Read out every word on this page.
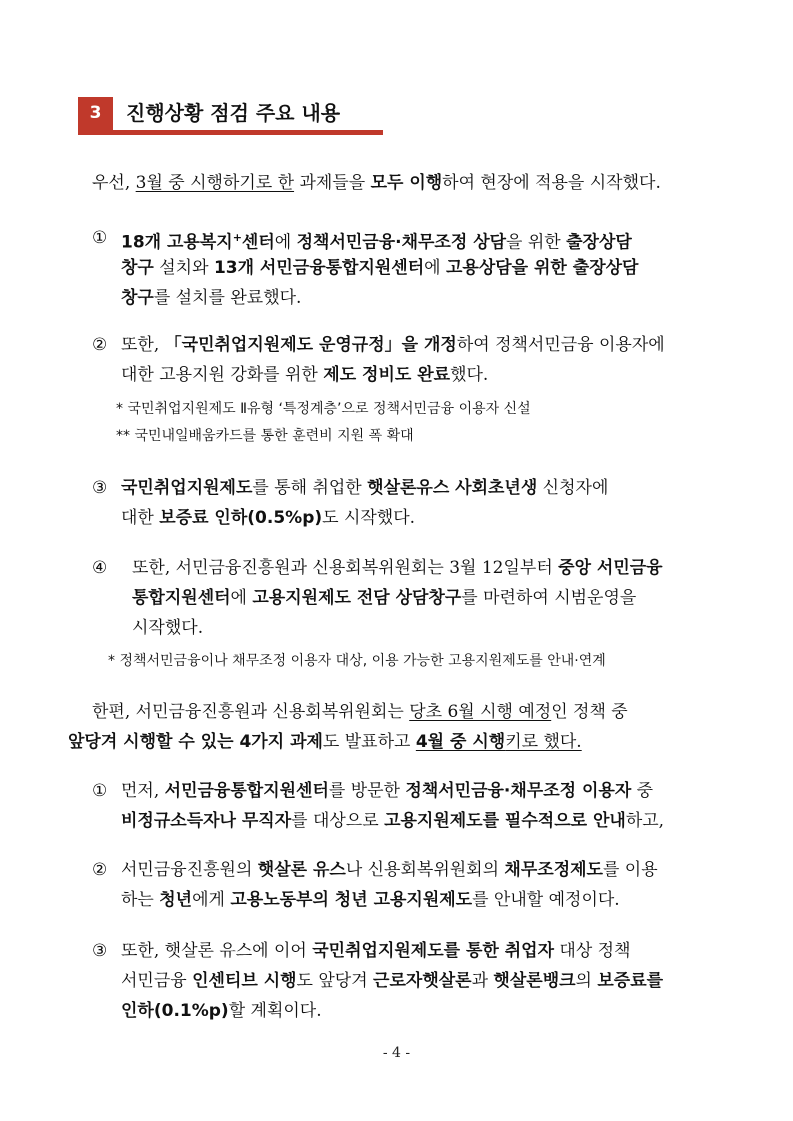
3	진행상황 점검 주요 내용
우선, 3월 중 시행하기로 한 과제들을 모두 이행하여 현장에 적용을 시작했다.
① 18개 고용복지+센터에 정책서민금융·채무조정 상담을 위한 출장상담
창구 설치와 13개 서민금융통합지원센터에 고용상담을 위한 출장상담
창구를 설치를 완료했다.
② 또한, 「국민취업지원제도 운영규정」을 개정하여 정책서민금융 이용자에
대한 고용지원 강화를 위한 제도 정비도 완료했다.
* 국민취업지원제도 Ⅱ유형 ‘특정계층’으로 정책서민금융 이용자 신설
** 국민내일배움카드를 통한 훈련비 지원 폭 확대
③ 국민취업지원제도를 통해 취업한 햇살론유스 사회초년생 신청자에
대한 보증료 인하(0.5%p)도 시작했다.
④ 또한, 서민금융진흥원과 신용회복위원회는 3월 12일부터 중앙 서민금융
통합지원센터에 고용지원제도 전담 상담창구를 마련하여 시범운영을
시작했다.
* 정책서민금융이나 채무조정 이용자 대상, 이용 가능한 고용지원제도를 안내·연계
한편, 서민금융진흥원과 신용회복위원회는 당초 6월 시행 예정인 정책 중
앞당겨 시행할 수 있는 4가지 과제도 발표하고 4월 중 시행키로 했다.
① 먼저, 서민금융통합지원센터를 방문한 정책서민금융·채무조정 이용자 중
비정규소득자나 무직자를 대상으로 고용지원제도를 필수적으로 안내하고,
② 서민금융진흥원의 햇살론 유스나 신용회복위원회의 채무조정제도를 이용
하는 청년에게 고용노동부의 청년 고용지원제도를 안내할 예정이다.
③ 또한, 햇살론 유스에 이어 국민취업지원제도를 통한 취업자 대상 정책
서민금융 인센티브 시행도 앞당겨 근로자햇살론과 햇살론뱅크의 보증료를
인하(0.1%p)할 계획이다.
- 4 -
